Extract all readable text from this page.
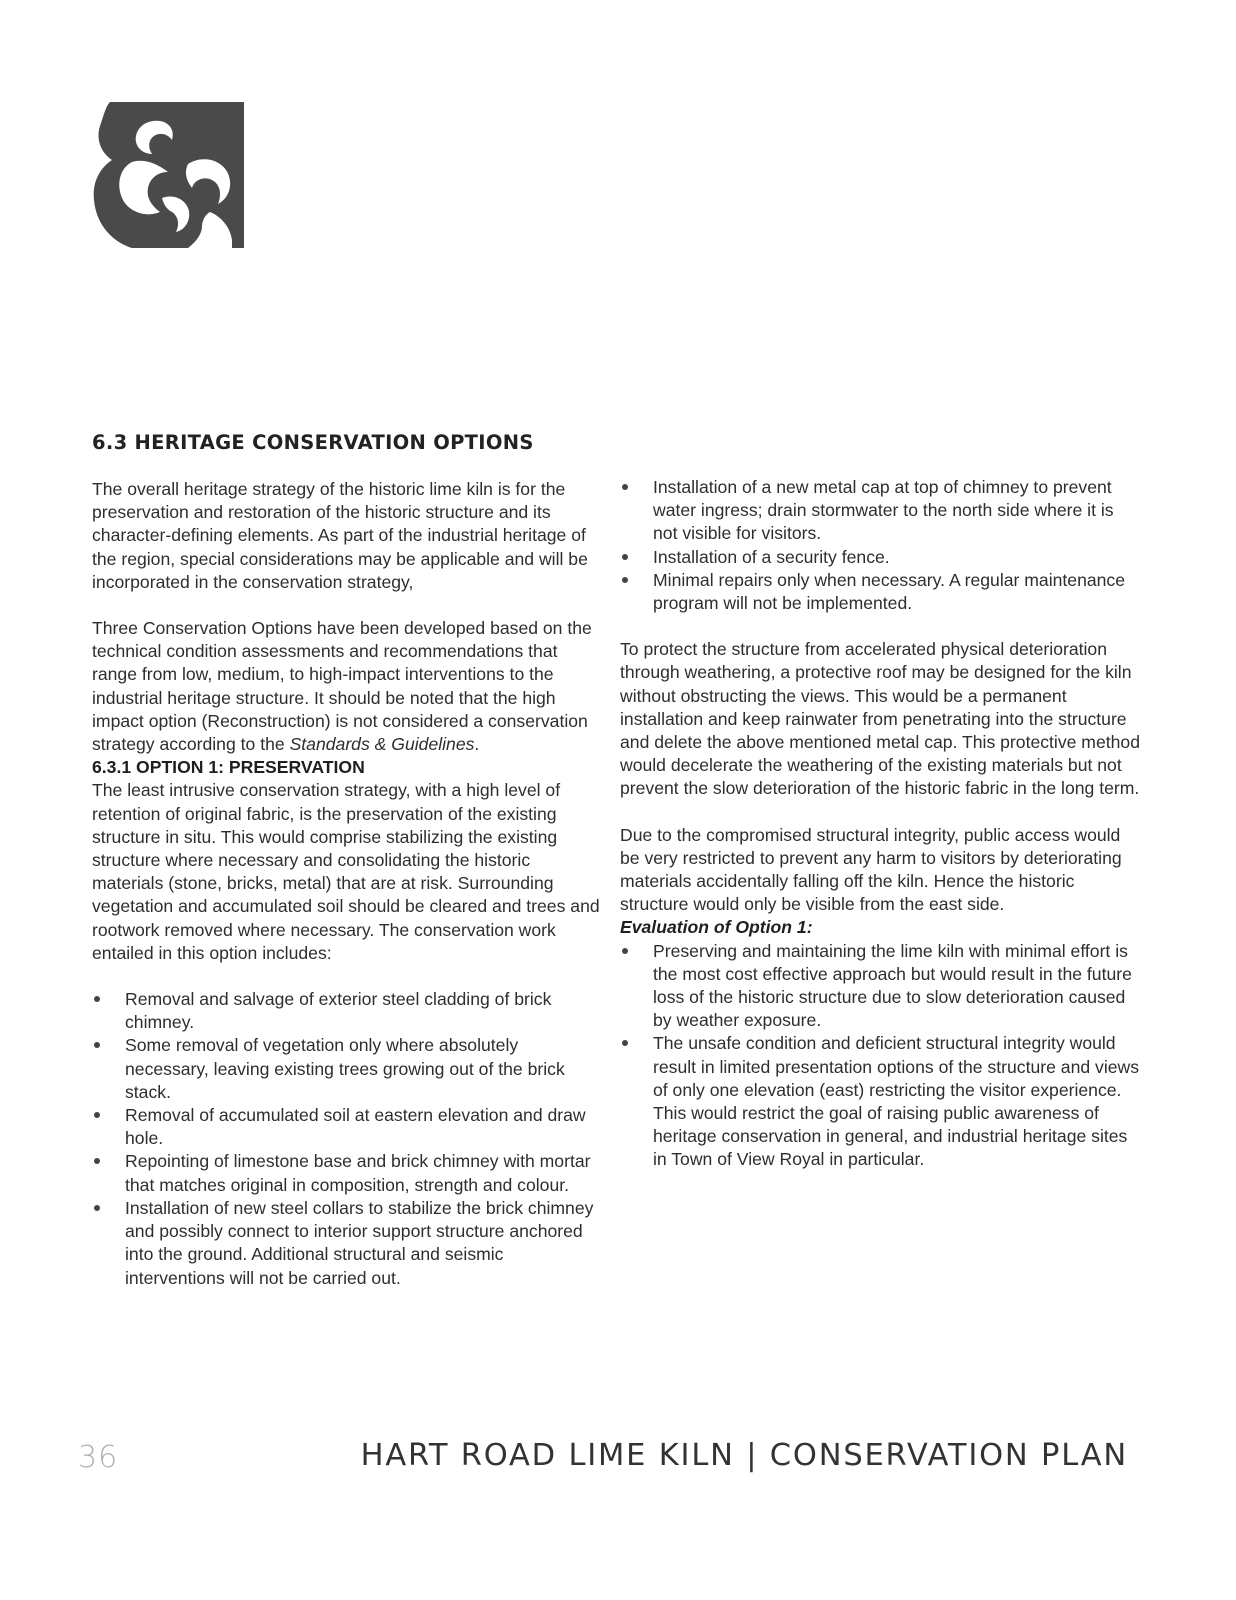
6.3 HERITAGE CONSERVATION OPTIONS

The overall heritage strategy of the historic lime kiln is for the preservation and restoration of the historic structure and its character-defining elements. As part of the industrial heritage of the region, special considerations may be applicable and will be incorporated in the conservation strategy,

Three Conservation Options have been developed based on the technical condition assessments and recommendations that range from low, medium, to high-impact interventions to the industrial heritage structure. It should be noted that the high impact option (Reconstruction) is not considered a conservation strategy according to the Standards & Guidelines.

6.3.1 OPTION 1: PRESERVATION

The least intrusive conservation strategy, with a high level of retention of original fabric, is the preservation of the existing structure in situ. This would comprise stabilizing the existing structure where necessary and consolidating the historic materials (stone, bricks, metal) that are at risk. Surrounding vegetation and accumulated soil should be cleared and trees and rootwork removed where necessary. The conservation work entailed in this option includes:

Removal and salvage of exterior steel cladding of brick chimney.
Some removal of vegetation only where absolutely necessary, leaving existing trees growing out of the brick stack.
Removal of accumulated soil at eastern elevation and draw hole.
Repointing of limestone base and brick chimney with mortar that matches original in composition, strength and colour.
Installation of new steel collars to stabilize the brick chimney and possibly connect to interior support structure anchored into the ground. Additional structural and seismic interventions will not be carried out.
Installation of a new metal cap at top of chimney to prevent water ingress; drain stormwater to the north side where it is not visible for visitors.
Installation of a security fence.
Minimal repairs only when necessary. A regular maintenance program will not be implemented.

To protect the structure from accelerated physical deterioration through weathering, a protective roof may be designed for the kiln without obstructing the views. This would be a permanent installation and keep rainwater from penetrating into the structure and delete the above mentioned metal cap. This protective method would decelerate the weathering of the existing materials but not prevent the slow deterioration of the historic fabric in the long term.

Due to the compromised structural integrity, public access would be very restricted to prevent any harm to visitors by deteriorating materials accidentally falling off the kiln. Hence the historic structure would only be visible from the east side.

Evaluation of Option 1:

Preserving and maintaining the lime kiln with minimal effort is the most cost effective approach but would result in the future loss of the historic structure due to slow deterioration caused by weather exposure.
The unsafe condition and deficient structural integrity would result in limited presentation options of the structure and views of only one elevation (east) restricting the visitor experience. This would restrict the goal of raising public awareness of heritage conservation in general, and industrial heritage sites in Town of View Royal in particular.
36	HART ROAD LIME KILN | CONSERVATION PLAN
